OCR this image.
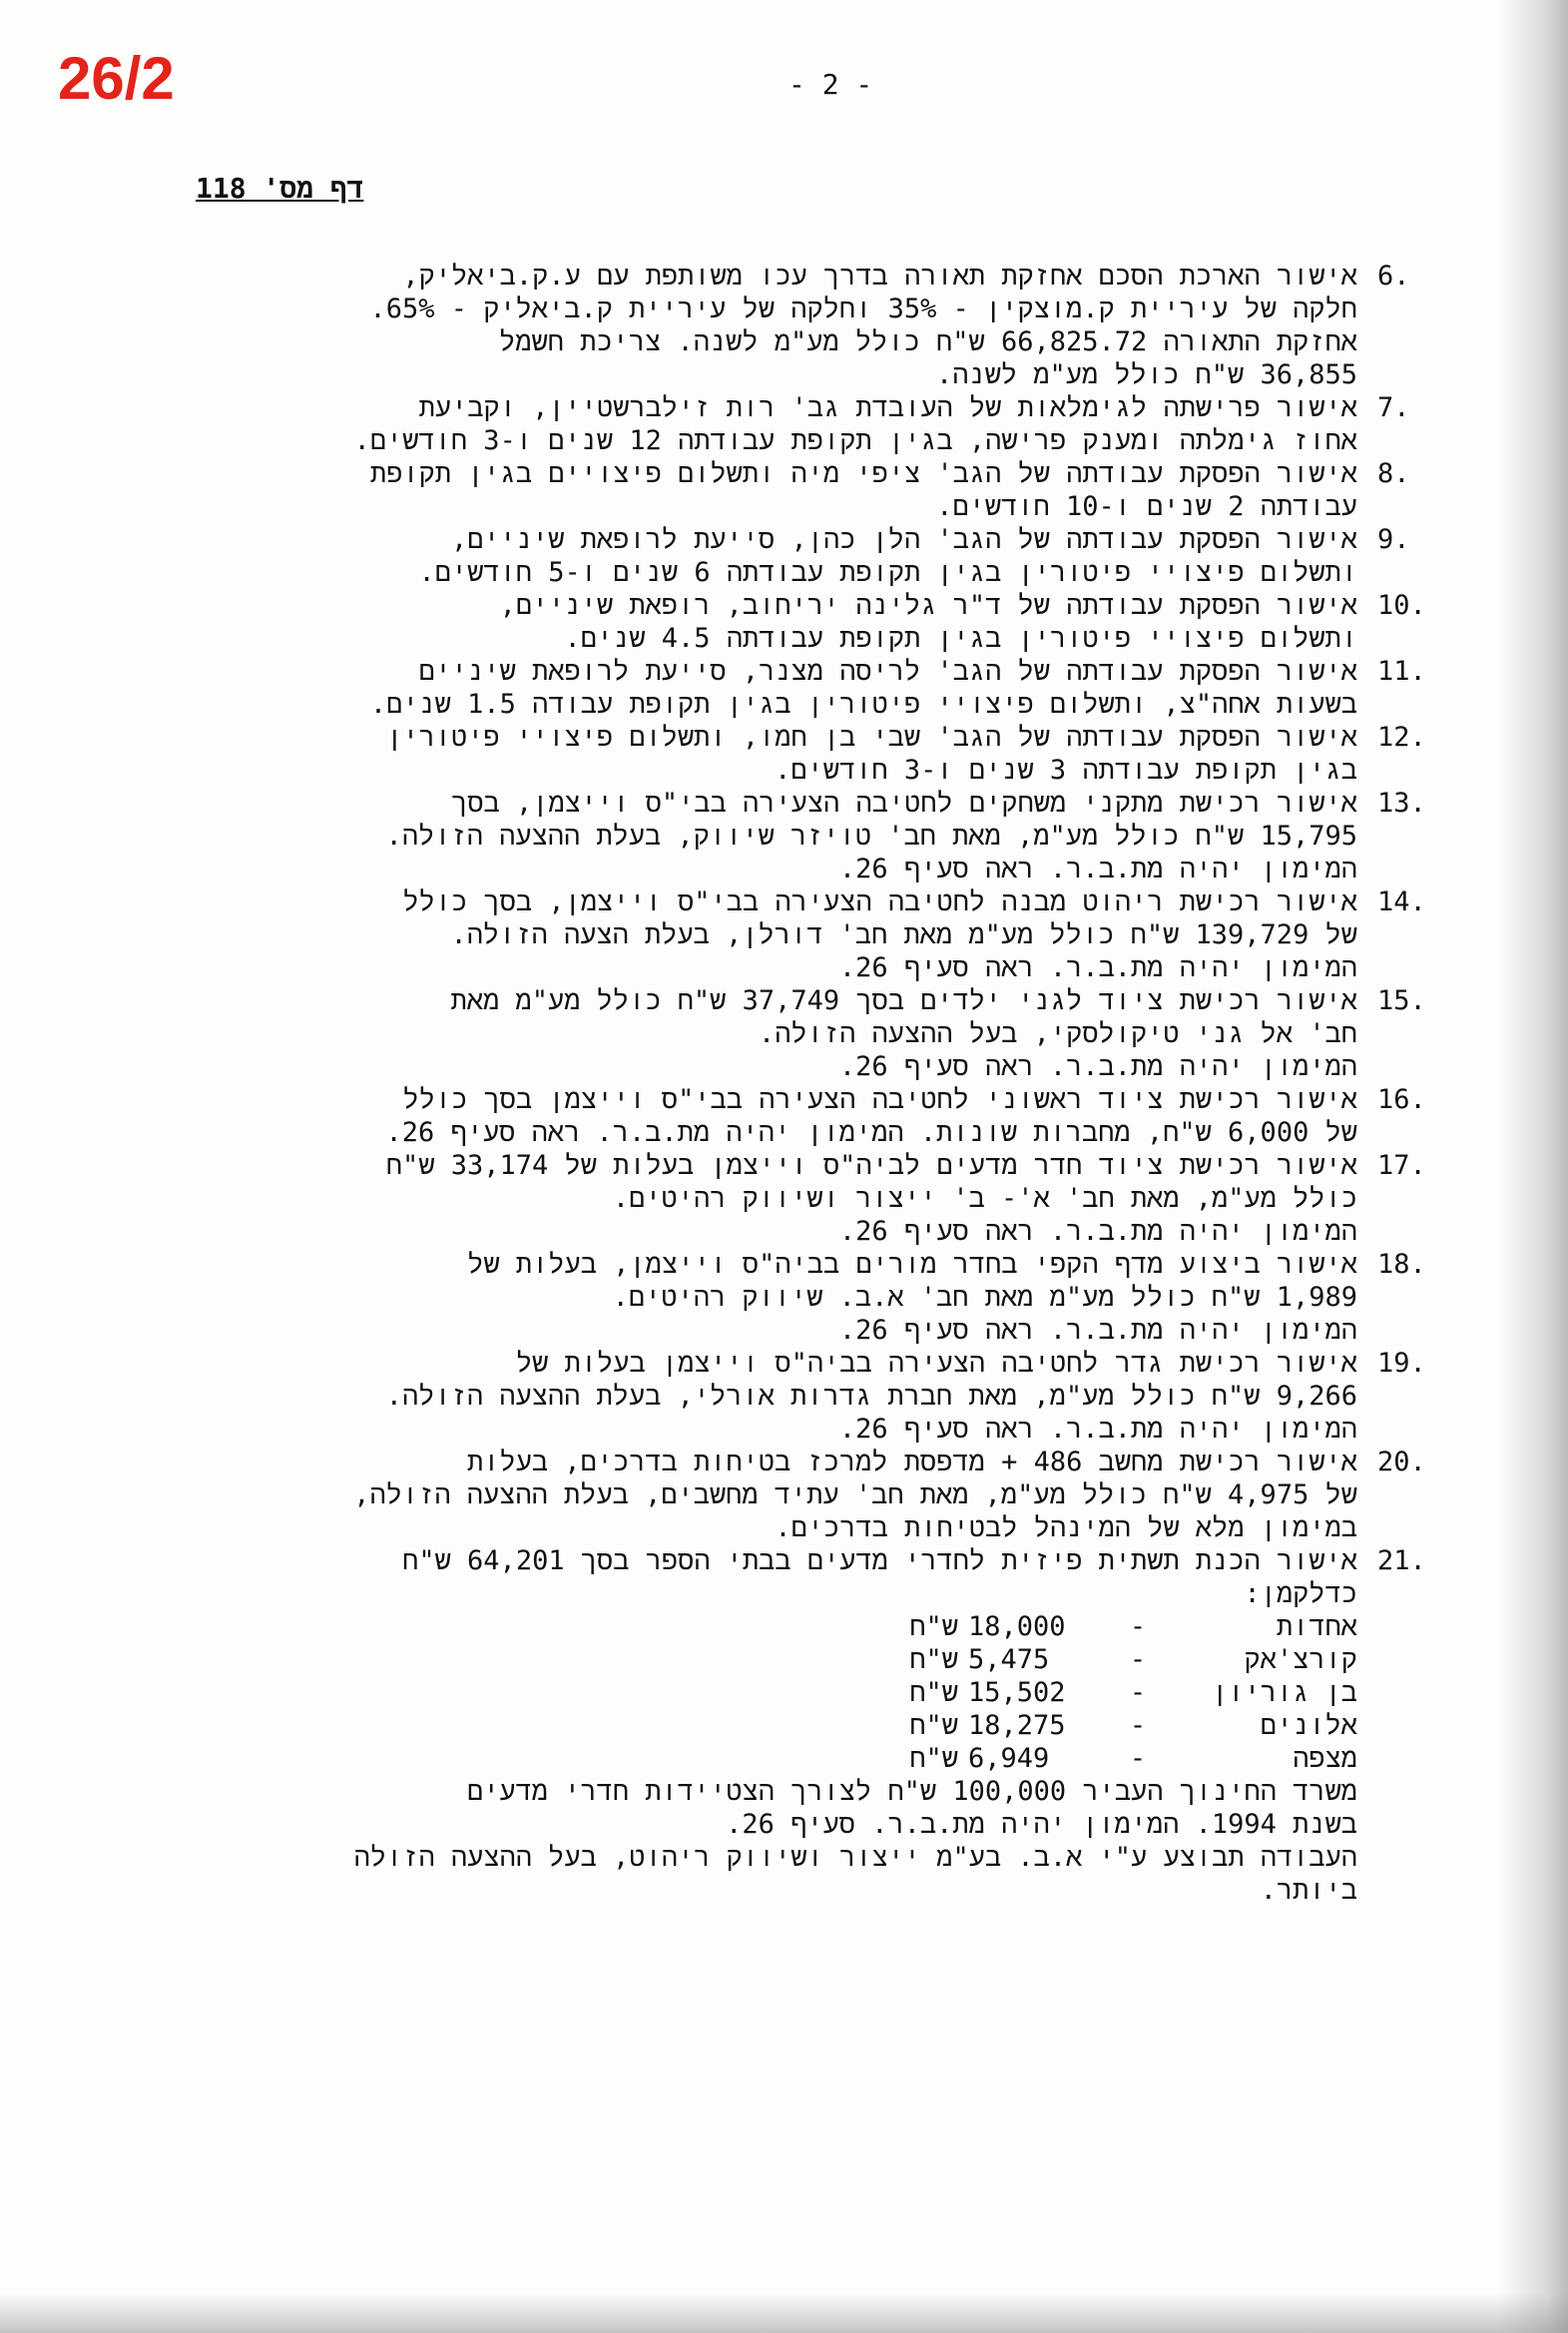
26/2	- 2 -
דף מס' 118
6.
אישור הארכת הסכם אחזקת תאורה בדרך עכו משותפת עם ע.ק.ביאליק,
חלקה של עיריית ק.מוצקין - 35% וחלקה של עיריית ק.ביאליק - 65%.
אחזקת התאורה 66,825.72 ש"ח כולל מע"מ לשנה. צריכת חשמל
36,855 ש"ח כולל מע"מ לשנה.
7.
אישור פרישתה לגימלאות של העובדת גב' רות זילברשטיין, וקביעת
אחוז גימלתה ומענק פרישה, בגין תקופת עבודתה 12 שנים ו-3 חודשים.
8.
אישור הפסקת עבודתה של הגב' ציפי מיה ותשלום פיצויים בגין תקופת
עבודתה 2 שנים ו-10 חודשים.
9.
אישור הפסקת עבודתה של הגב' הלן כהן, סייעת לרופאת שיניים,
ותשלום פיצויי פיטורין בגין תקופת עבודתה 6 שנים ו-5 חודשים.
10.
אישור הפסקת עבודתה של ד"ר גלינה יריחוב, רופאת שיניים,
ותשלום פיצויי פיטורין בגין תקופת עבודתה 4.5 שנים.
11.
אישור הפסקת עבודתה של הגב' לריסה מצנר, סייעת לרופאת שיניים
בשעות אחה"צ, ותשלום פיצויי פיטורין בגין תקופת עבודה 1.5 שנים.
12.
אישור הפסקת עבודתה של הגב' שבי בן חמו, ותשלום פיצויי פיטורין
בגין תקופת עבודתה 3 שנים ו-3 חודשים.
13.
אישור רכישת מתקני משחקים לחטיבה הצעירה בבי"ס וייצמן, בסך
15,795 ש"ח כולל מע"מ, מאת חב' טויזר שיווק, בעלת ההצעה הזולה.
המימון יהיה מת.ב.ר. ראה סעיף 26.
14.
אישור רכישת ריהוט מבנה לחטיבה הצעירה בבי"ס וייצמן, בסך כולל
של 139,729 ש"ח כולל מע"מ מאת חב' דורלן, בעלת הצעה הזולה.
המימון יהיה מת.ב.ר. ראה סעיף 26.
15.
אישור רכישת ציוד לגני ילדים בסך 37,749 ש"ח כולל מע"מ מאת
חב' אל גני טיקולסקי, בעל ההצעה הזולה.
המימון יהיה מת.ב.ר. ראה סעיף 26.
16.
אישור רכישת ציוד ראשוני לחטיבה הצעירה בבי"ס וייצמן בסך כולל
של 6,000 ש"ח, מחברות שונות. המימון יהיה מת.ב.ר. ראה סעיף 26.
17.
אישור רכישת ציוד חדר מדעים לביה"ס וייצמן בעלות של 33,174 ש"ח
כולל מע"מ, מאת חב' א'- ב' ייצור ושיווק רהיטים.
המימון יהיה מת.ב.ר. ראה סעיף 26.
18.
אישור ביצוע מדף הקפי בחדר מורים בביה"ס וייצמן, בעלות של
1,989 ש"ח כולל מע"מ מאת חב' א.ב. שיווק רהיטים.
המימון יהיה מת.ב.ר. ראה סעיף 26.
19.
אישור רכישת גדר לחטיבה הצעירה בביה"ס וייצמן בעלות של
9,266 ש"ח כולל מע"מ, מאת חברת גדרות אורלי, בעלת ההצעה הזולה.
המימון יהיה מת.ב.ר. ראה סעיף 26.
20.
אישור רכישת מחשב 486 + מדפסת למרכז בטיחות בדרכים, בעלות
של 4,975 ש"ח כולל מע"מ, מאת חב' עתיד מחשבים, בעלת ההצעה הזולה,
במימון מלא של המינהל לבטיחות בדרכים.
21.
אישור הכנת תשתית פיזית לחדרי מדעים בבתי הספר בסך 64,201 ש"ח
כדלקמן:
אחדות
-
18,000
ש"ח
קורצ'אק
-
5,475
ש"ח
בן גוריון
-
15,502
ש"ח
אלונים
-
18,275
ש"ח
מצפה
-
6,949
ש"ח
משרד החינוך העביר 100,000 ש"ח לצורך הצטיידות חדרי מדעים
בשנת 1994. המימון יהיה מת.ב.ר. סעיף 26.
העבודה תבוצע ע"י א.ב. בע"מ ייצור ושיווק ריהוט, בעל ההצעה הזולה
ביותר.
